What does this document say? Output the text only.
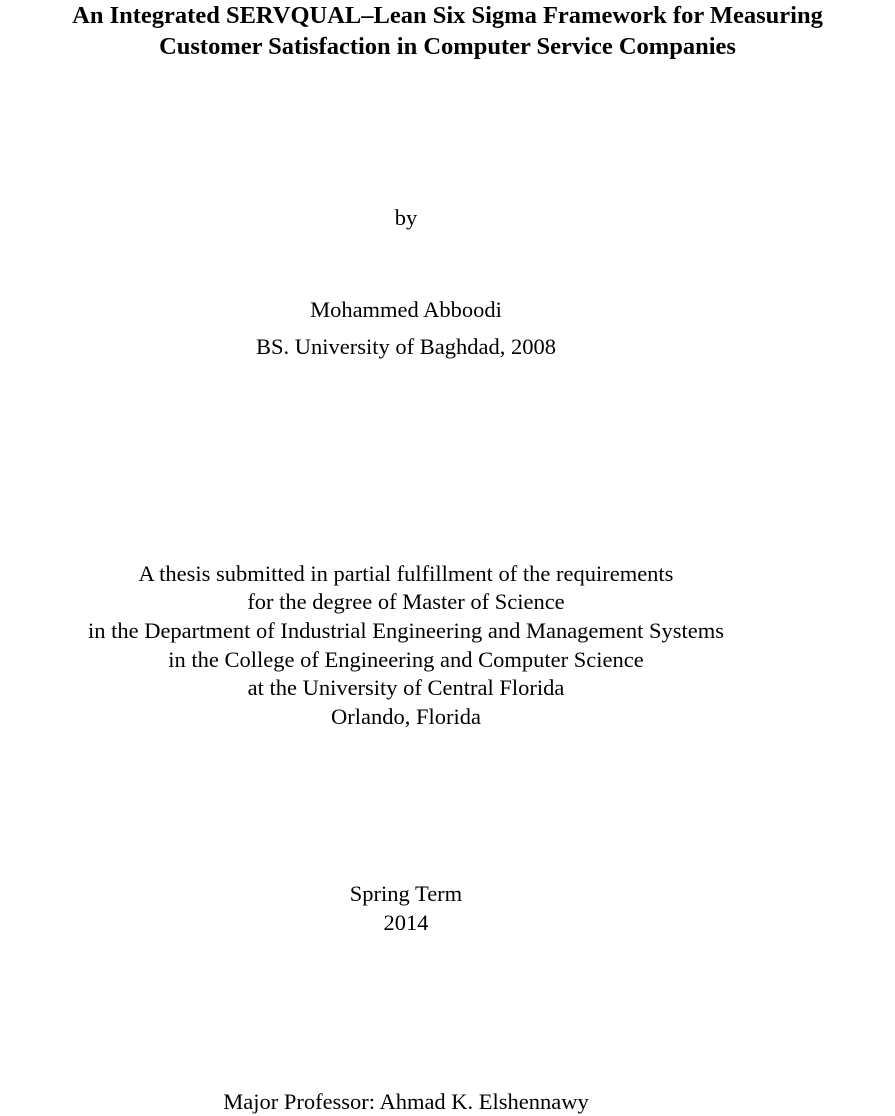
An Integrated SERVQUAL–Lean Six Sigma Framework for Measuring
Customer Satisfaction in Computer Service Companies
by
Mohammed Abboodi
BS. University of Baghdad, 2008
A thesis submitted in partial fulfillment of the requirements
for the degree of Master of Science
in the Department of Industrial Engineering and Management Systems
in the College of Engineering and Computer Science
at the University of Central Florida
Orlando, Florida
Spring Term
2014
Major Professor: Ahmad K. Elshennawy
